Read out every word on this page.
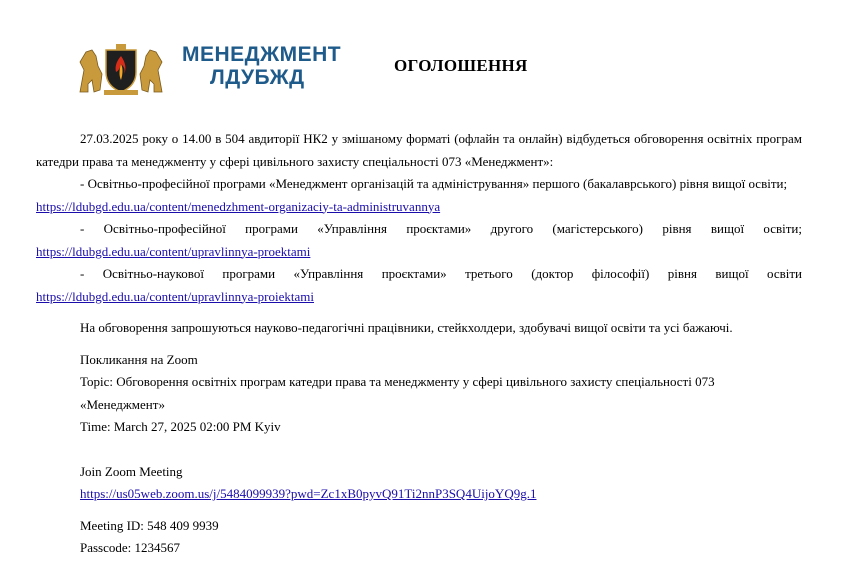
МЕНЕДЖМЕНТ
ЛДУБЖД
ОГОЛОШЕННЯ

27.03.2025 року о 14.00 в 504 авдиторії НК2 у змішаному форматі (офлайн та онлайн) відбудеться обговорення освітніх програм

катедри права та менеджменту у сфері цивільного захисту спеціальності 073 «Менеджмент»:

- Освітньо-професійної програми «Менеджмент організацій та адміністрування» першого (бакалаврського) рівня вищої освіти;

https://ldubgd.edu.ua/content/menedzhment-organizaciy-ta-administruvannya

- Освітньо-професійної програми «Управління проєктами» другого (магістерського) рівня вищої освіти;

https://ldubgd.edu.ua/content/upravlinnya-proektami

- Освітньо-наукової програми «Управління проєктами» третього (доктор філософії) рівня вищої освіти

https://ldubgd.edu.ua/content/upravlinnya-proiektami

На обговорення запрошуються науково-педагогічні працівники, стейкхолдери, здобувачі вищої освіти та усі бажаючі.

Покликання на Zoom

Topic: Обговорення освітніх програм катедри права та менеджменту у сфері цивільного захисту спеціальності 073 «Менеджмент»

Time: March 27, 2025 02:00 PM Kyiv

Join Zoom Meeting

https://us05web.zoom.us/j/5484099939?pwd=Zc1xB0pyvQ91Ti2nnP3SQ4UijoYQ9g.1

Meeting ID: 548 409 9939

Passcode: 1234567
